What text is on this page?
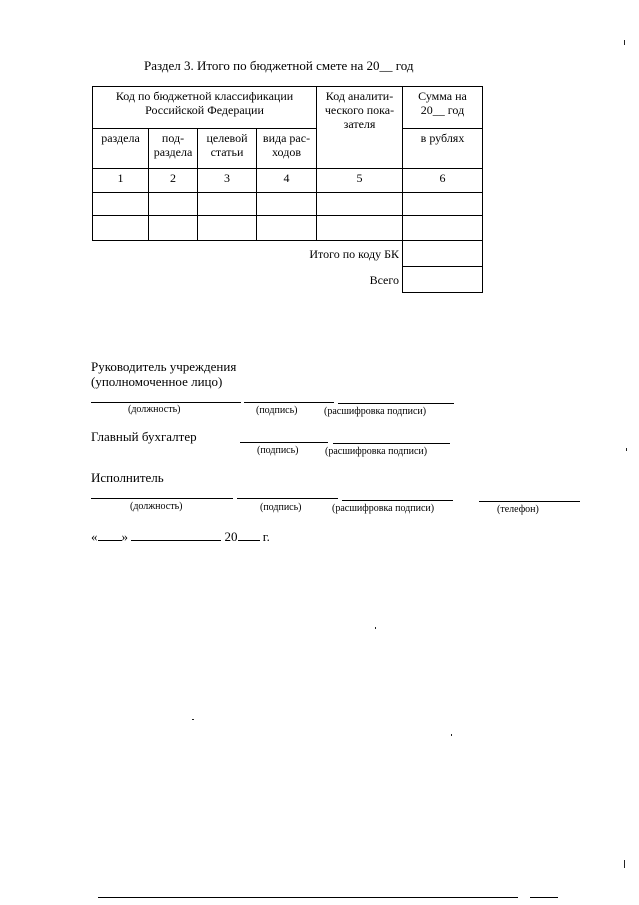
Раздел 3. Итого по бюджетной смете на 20__ год
Код по бюджетной классификации Российской Федерации				Код аналити-ческого пока-зателя	Сумма на 20__ год
раздела	под-раздела	целевой статьи	вида рас-ходов		в рублях
1	2	3	4	5	6

Итого по коду БК					
Всего					
Руководитель учреждения
(уполномоченное лицо)
(должность)	(подпись)	(расшифровка подписи)
Главный бухгалтер
(подпись)	(расшифровка подписи)
Исполнитель
(должность)	(подпись)	(расшифровка подписи)	(телефон)
« »	20 г.
